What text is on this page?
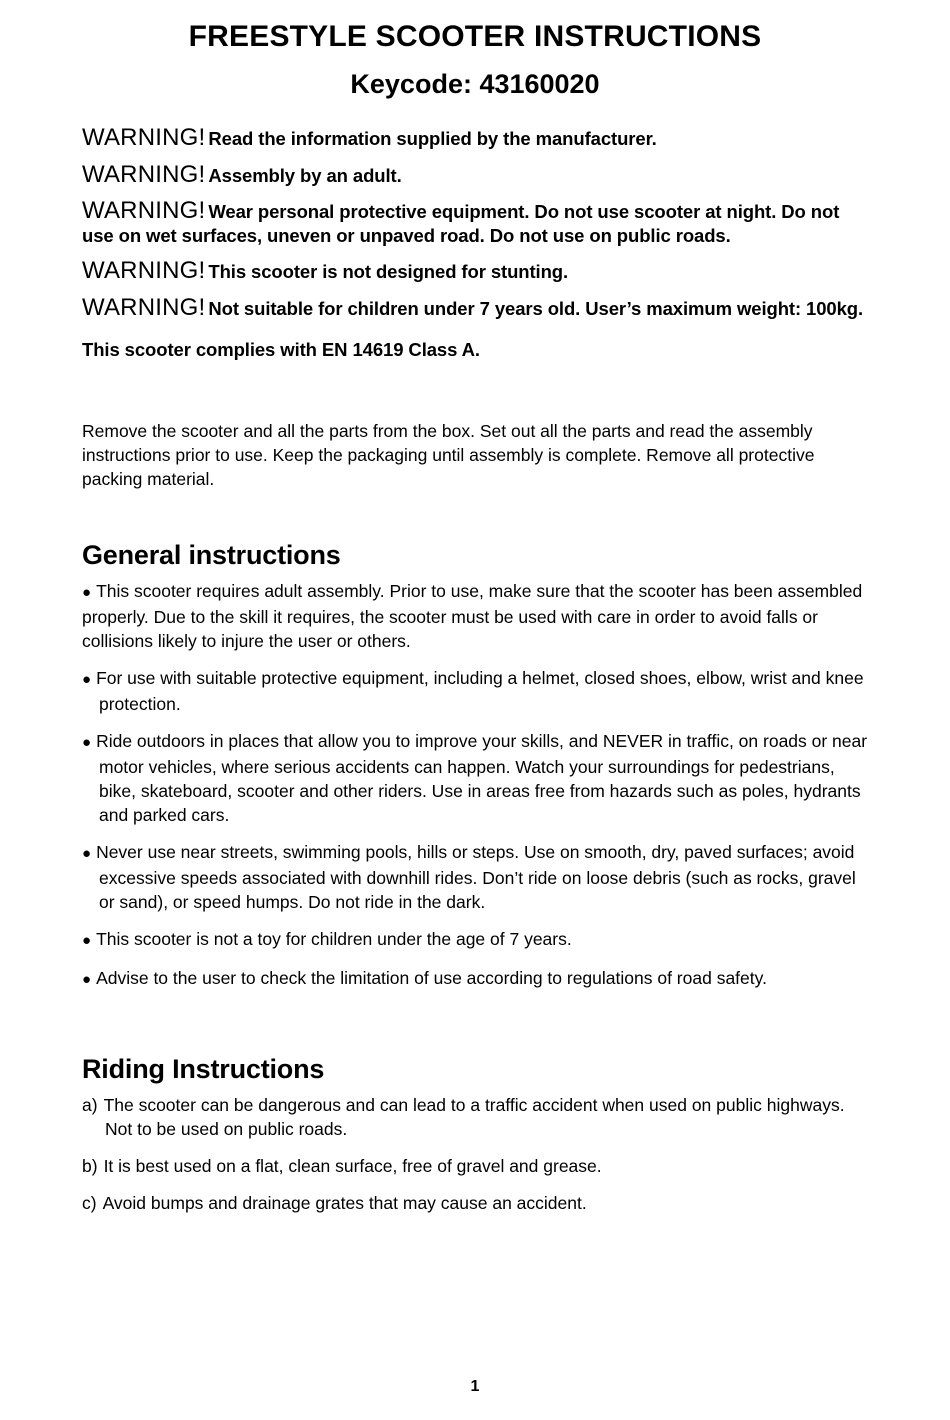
FREESTYLE SCOOTER INSTRUCTIONS
Keycode: 43160020

WARNING! Read the information supplied by the manufacturer.

WARNING! Assembly by an adult.

WARNING! Wear personal protective equipment. Do not use scooter at night. Do not use on wet surfaces, uneven or unpaved road. Do not use on public roads.

WARNING! This scooter is not designed for stunting.

WARNING! Not suitable for children under 7 years old. User’s maximum weight: 100kg.

This scooter complies with EN 14619 Class A.

Remove the scooter and all the parts from the box. Set out all the parts and read the assembly instructions prior to use. Keep the packaging until assembly is complete. Remove all protective packing material.

General instructions
● This scooter requires adult assembly. Prior to use, make sure that the scooter has been assembled properly. Due to the skill it requires, the scooter must be used with care in order to avoid falls or collisions likely to injure the user or others.
● For use with suitable protective equipment, including a helmet, closed shoes, elbow, wrist and knee protection.
● Ride outdoors in places that allow you to improve your skills, and NEVER in traffic, on roads or near motor vehicles, where serious accidents can happen. Watch your surroundings for pedestrians, bike, skateboard, scooter and other riders. Use in areas free from hazards such as poles, hydrants and parked cars.
● Never use near streets, swimming pools, hills or steps. Use on smooth, dry, paved surfaces; avoid excessive speeds associated with downhill rides. Don’t ride on loose debris (such as rocks, gravel or sand), or speed humps. Do not ride in the dark.
● This scooter is not a toy for children under the age of 7 years.
● Advise to the user to check the limitation of use according to regulations of road safety.
Riding Instructions
a) The scooter can be dangerous and can lead to a traffic accident when used on public highways. Not to be used on public roads.
b) It is best used on a flat, clean surface, free of gravel and grease.
c) Avoid bumps and drainage grates that may cause an accident.
1
